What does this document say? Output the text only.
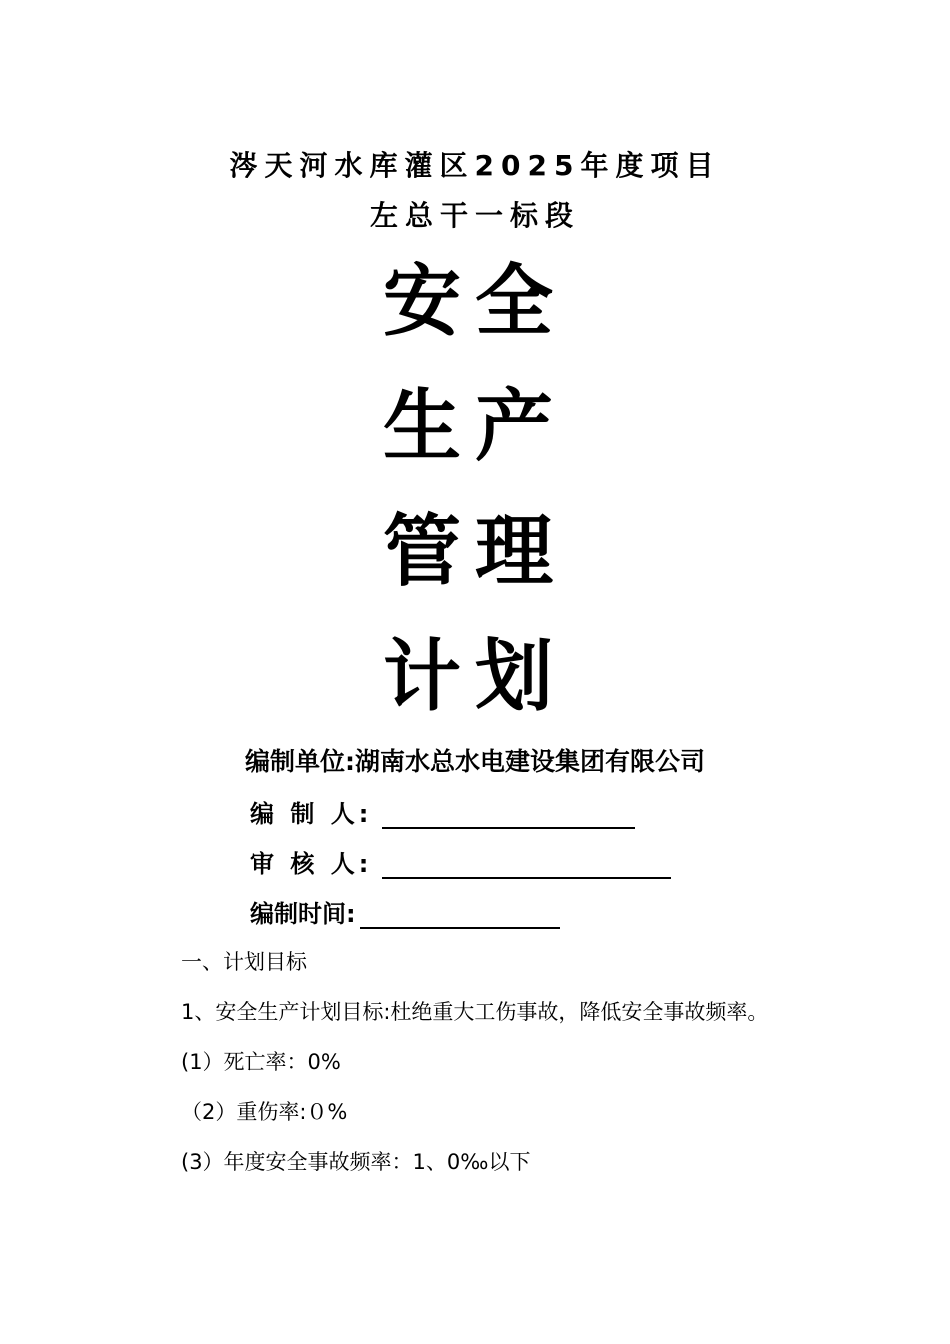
涔天河水库灌区2025年度项目
左总干一标段
安全
生产
管理
计划
编制单位:湖南水总水电建设集团有限公司
编 制 人:
审 核 人:
编制时间:
一、计划目标
1、安全生产计划目标:杜绝重大工伤事故，降低安全事故频率。
(1）死亡率：0%
（2）重伤率:０%
(3）年度安全事故频率：1、0‰以下
